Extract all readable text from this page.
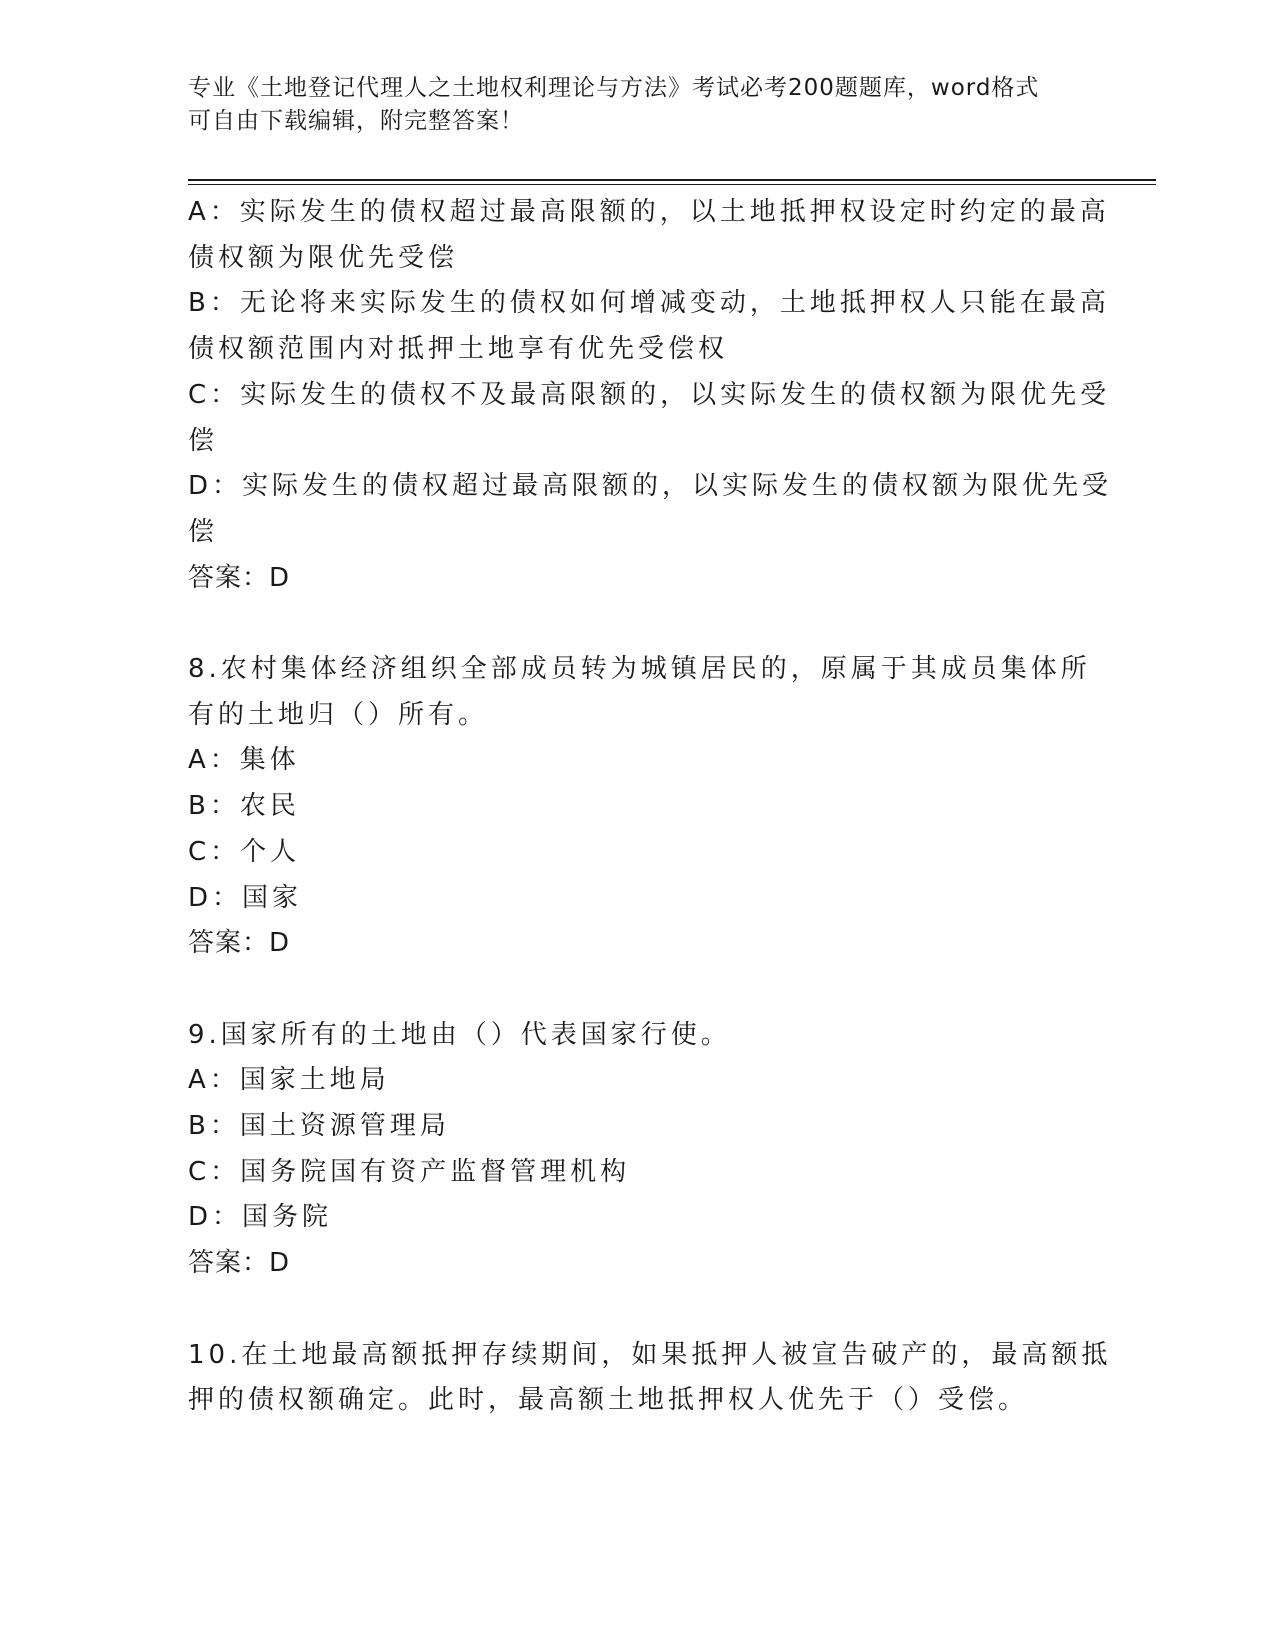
专业《土地登记代理人之土地权利理论与方法》考试必考200题题库，word格式
可自由下载编辑，附完整答案！

A：实际发生的债权超过最高限额的，以土地抵押权设定时约定的最高

债权额为限优先受偿

B：无论将来实际发生的债权如何增减变动，土地抵押权人只能在最高

债权额范围内对抵押土地享有优先受偿权

C：实际发生的债权不及最高限额的，以实际发生的债权额为限优先受

偿

D：实际发生的债权超过最高限额的，以实际发生的债权额为限优先受

偿

答案：D

8.农村集体经济组织全部成员转为城镇居民的，原属于其成员集体所

有的土地归（）所有。

A：集体

B：农民

C：个人

D：国家

答案：D

9.国家所有的土地由（）代表国家行使。

A：国家土地局

B：国土资源管理局

C：国务院国有资产监督管理机构

D：国务院

答案：D

10.在土地最高额抵押存续期间，如果抵押人被宣告破产的，最高额抵

押的债权额确定。此时，最高额土地抵押权人优先于（）受偿。
